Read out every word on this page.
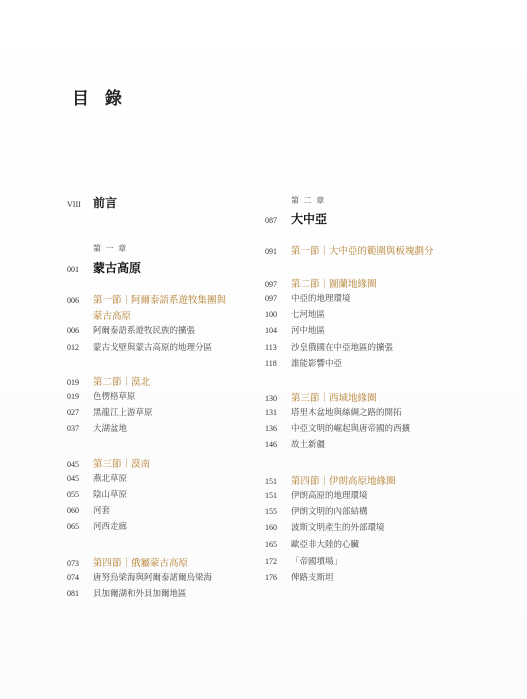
目 錄
VIII	前言
第 一 章
001	蒙古高原
006	第一節｜阿爾泰語系遊牧集團與
蒙古高原
006	阿爾泰語系遊牧民族的擴張
012	蒙古戈壁與蒙古高原的地理分區
019	第二節｜漠北
019	色楞格草原
027	黑龍江上游草原
037	大湖盆地
045	第三節｜漠南
045	燕北草原
055	陰山草原
060	河套
065	河西走廊
073	第四節｜俄屬蒙古高原
074	唐努烏梁海與阿爾泰諾爾烏梁海
081	貝加爾湖和外貝加爾地區
第 二 章
087	大中亞
091	第一節｜大中亞的範圍與板塊劃分
097	第二節｜圖蘭地緣圈
097	中亞的地理環境
100	七河地區
104	河中地區
113	沙皇俄國在中亞地區的擴張
118	誰能影響中亞
130	第三節｜西域地緣圈
131	塔里木盆地與絲綢之路的開拓
136	中亞文明的崛起與唐帝國的西擴
146	故土新疆
151	第四節｜伊朗高原地緣圈
151	伊朗高原的地理環境
155	伊朗文明的內部結構
160	波斯文明產生的外部環境
165	歐亞非大陸的心臟
172	「帝國墳場」
176	俾路支斯坦
